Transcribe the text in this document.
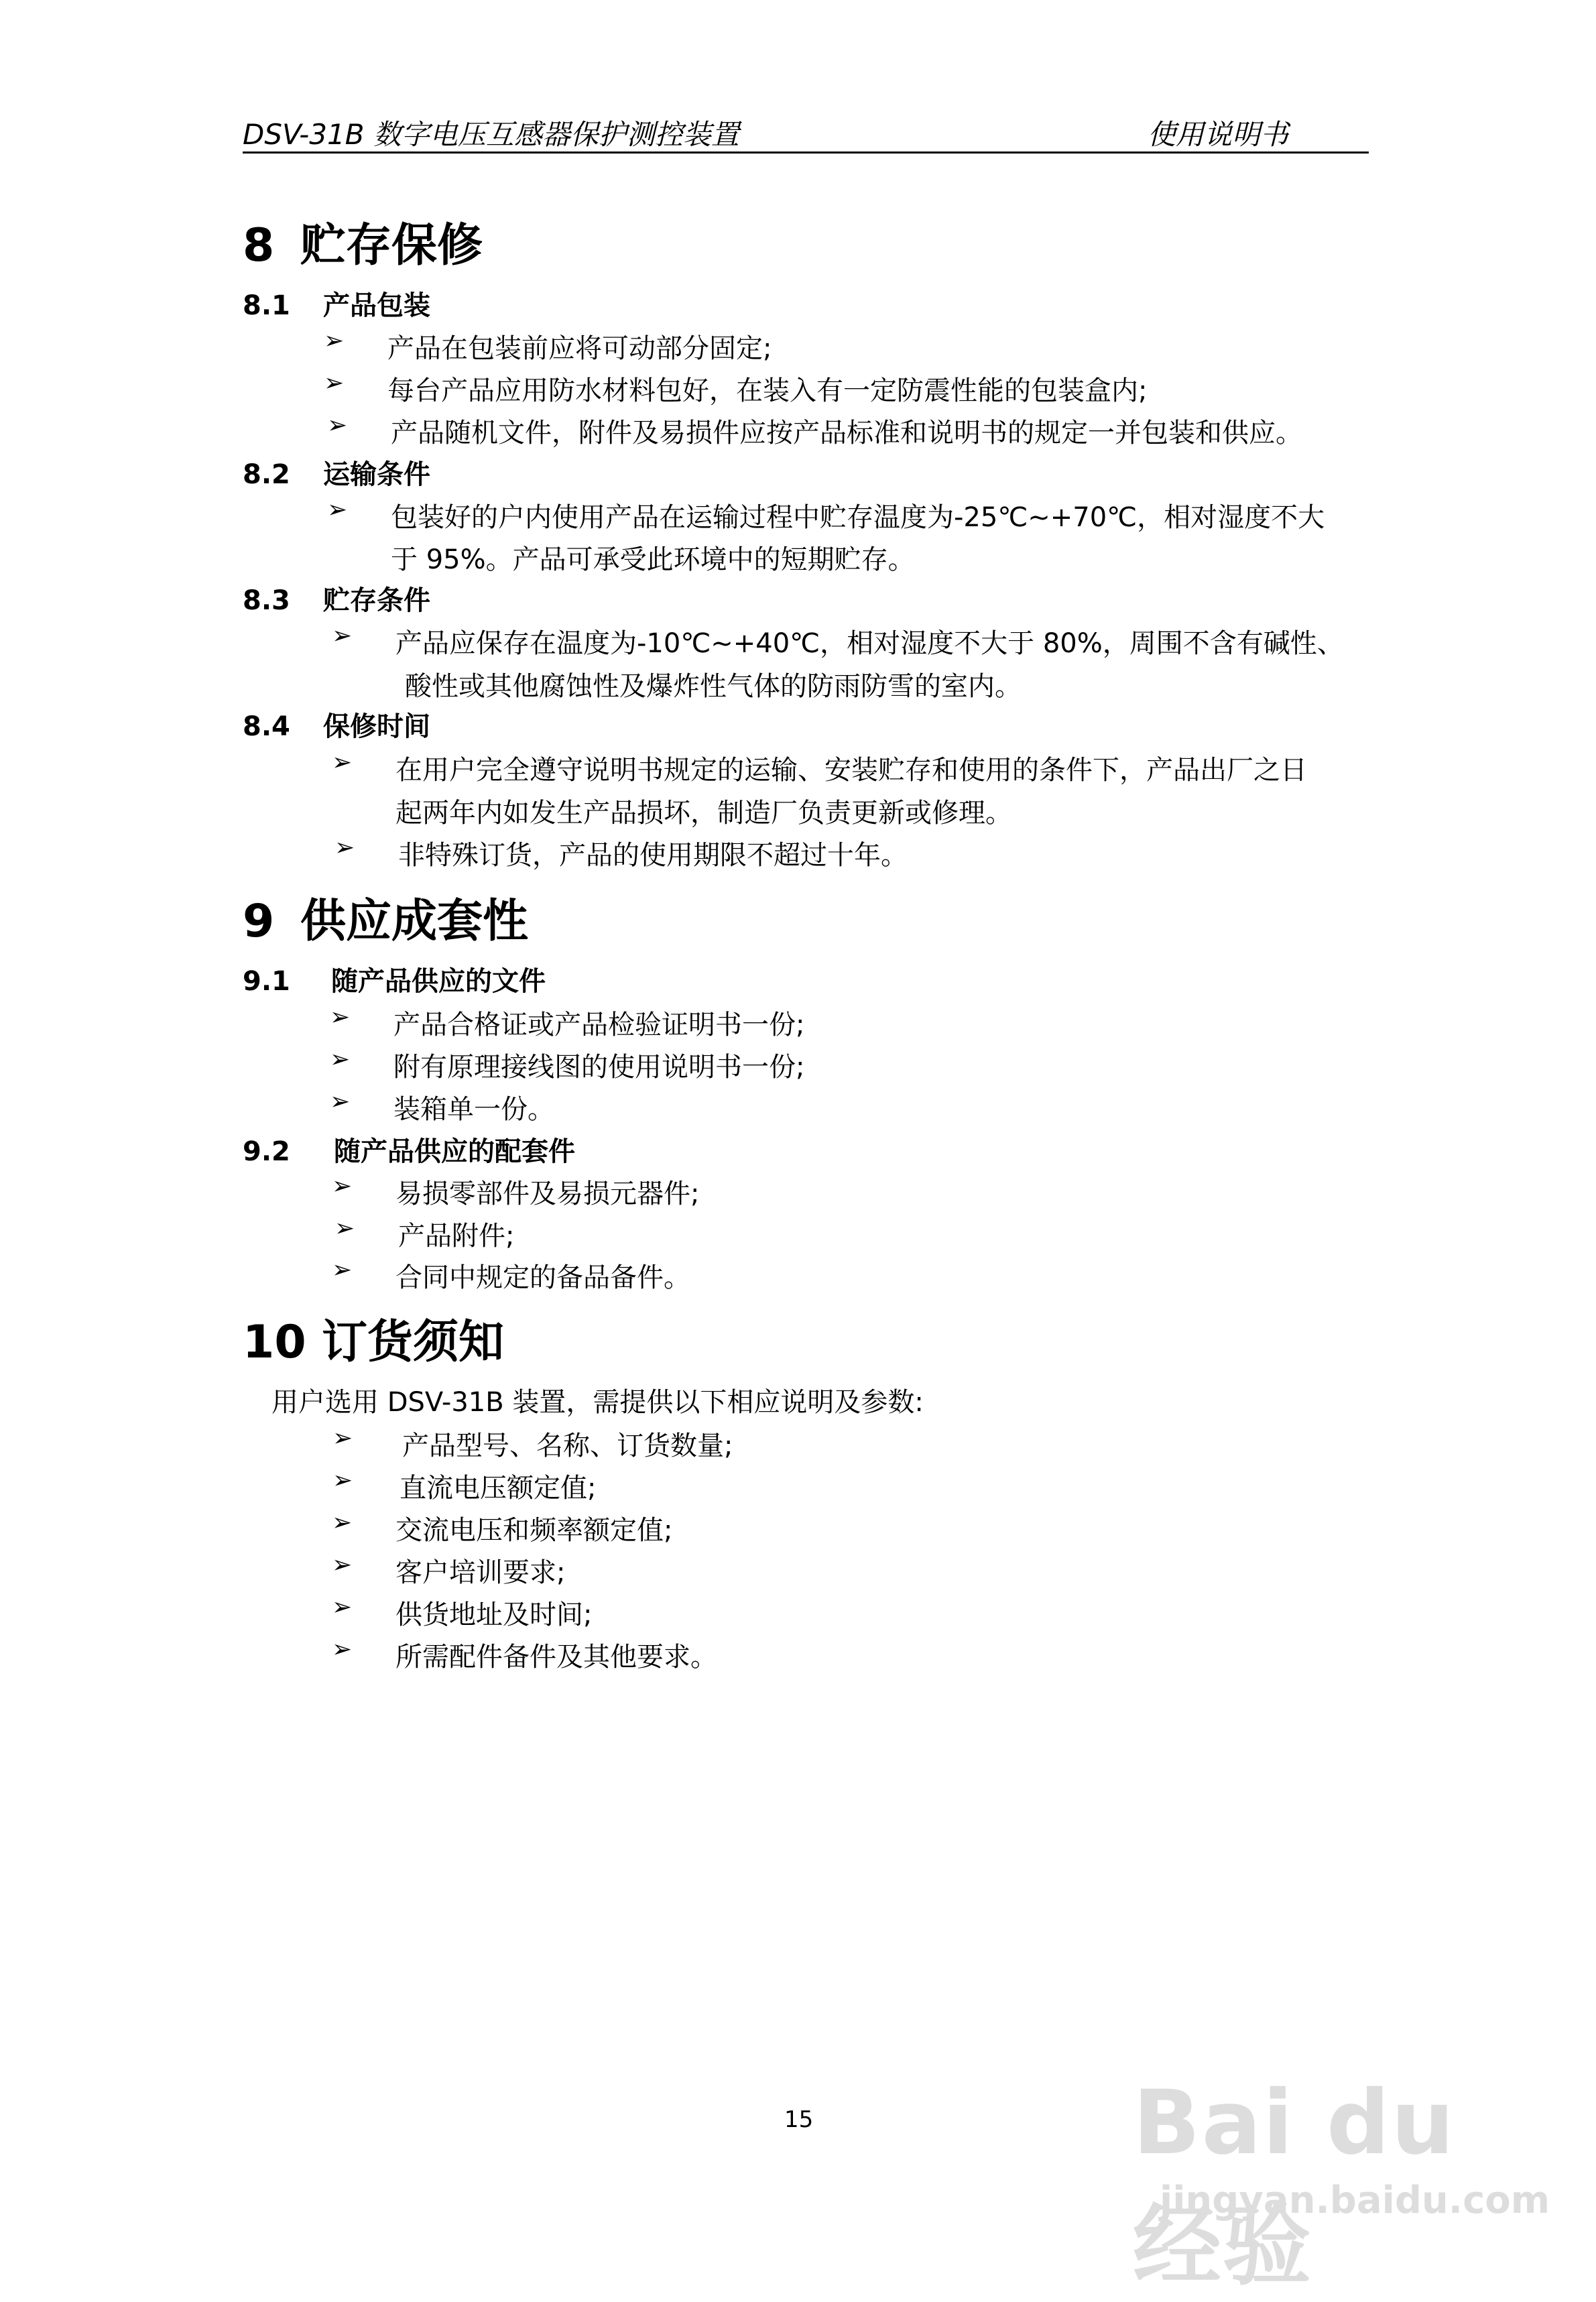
DSV-31B 数字电压互感器保护测控装置	使用说明书
8 贮存保修
8.1 产品包装
➢ 产品在包装前应将可动部分固定;
➢ 每台产品应用防水材料包好，在装入有一定防震性能的包装盒内;
➢ 产品随机文件，附件及易损件应按产品标准和说明书的规定一并包装和供应。
8.2 运输条件
➢ 包装好的户内使用产品在运输过程中贮存温度为-25℃~+70℃，相对湿度不大
于 95%。产品可承受此环境中的短期贮存。
8.3 贮存条件
➢ 产品应保存在温度为-10℃~+40℃，相对湿度不大于 80%，周围不含有碱性、
酸性或其他腐蚀性及爆炸性气体的防雨防雪的室内。
8.4 保修时间
➢ 在用户完全遵守说明书规定的运输、安装贮存和使用的条件下，产品出厂之日
起两年内如发生产品损坏，制造厂负责更新或修理。
➢ 非特殊订货，产品的使用期限不超过十年。
9 供应成套性
9.1 随产品供应的文件
➢ 产品合格证或产品检验证明书一份;
➢ 附有原理接线图的使用说明书一份;
➢ 装箱单一份。
9.2 随产品供应的配套件
➢ 易损零部件及易损元器件;
➢ 产品附件;
➢ 合同中规定的备品备件。
10 订货须知
用户选用 DSV-31B 装置，需提供以下相应说明及参数:
➢ 产品型号、名称、订货数量;
➢ 直流电压额定值;
➢ 交流电压和频率额定值;
➢ 客户培训要求;
➢ 供货地址及时间;
➢ 所需配件备件及其他要求。
15	Bai du 经验
jingyan.baidu.com
